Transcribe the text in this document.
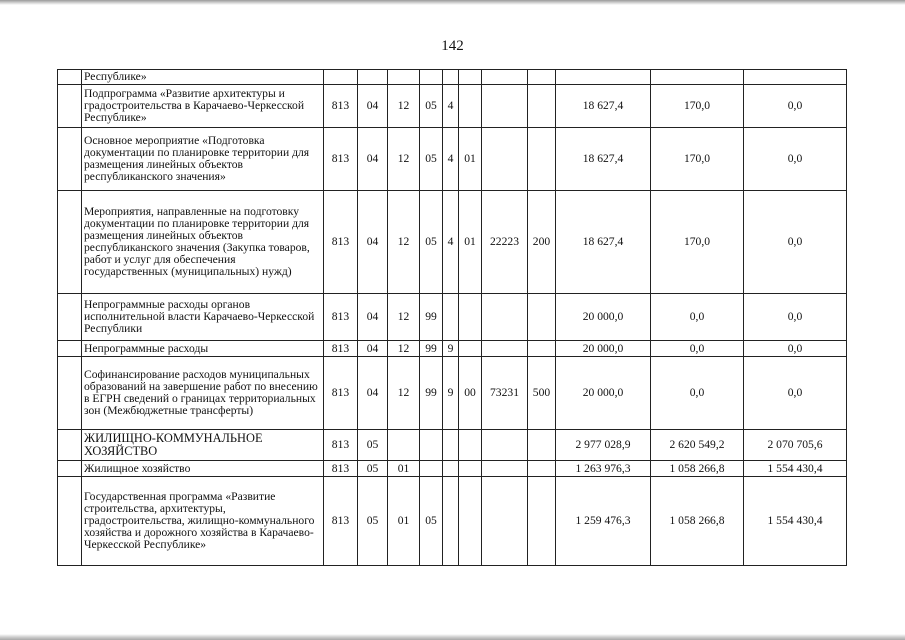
142
	Республике»											
	Подпрограмма «Развитие архитектуры и градостроительства в Карачаево-Черкесской Республике»	813	04	12	05	4				18 627,4	170,0	0,0
	Основное мероприятие «Подготовка документации по планировке территории для размещения линейных объектов республиканского значения»	813	04	12	05	4	01			18 627,4	170,0	0,0
	Мероприятия, направленные на подготовку документации по планировке территории для размещения линейных объектов республиканского значения (Закупка товаров, работ и услуг для обеспечения государственных (муниципальных) нужд)	813	04	12	05	4	01	22223	200	18 627,4	170,0	0,0
	Непрограммные расходы органов исполнительной власти Карачаево-Черкесской Республики	813	04	12	99					20 000,0	0,0	0,0
	Непрограммные расходы	813	04	12	99	9				20 000,0	0,0	0,0
	Софинансирование расходов муниципальных образований на завершение работ по внесению в ЕГРН сведений о границах территориальных зон (Межбюджетные трансферты)	813	04	12	99	9	00	73231	500	20 000,0	0,0	0,0
	ЖИЛИЩНО-КОММУНАЛЬНОЕ ХОЗЯЙСТВО	813	05							2 977 028,9	2 620 549,2	2 070 705,6
	Жилищное хозяйство	813	05	01						1 263 976,3	1 058 266,8	1 554 430,4
	Государственная программа «Развитие строительства, архитектуры, градостроительства, жилищно-коммунального хозяйства и дорожного хозяйства в Карачаево-Черкесской Республике»	813	05	01	05					1 259 476,3	1 058 266,8	1 554 430,4
